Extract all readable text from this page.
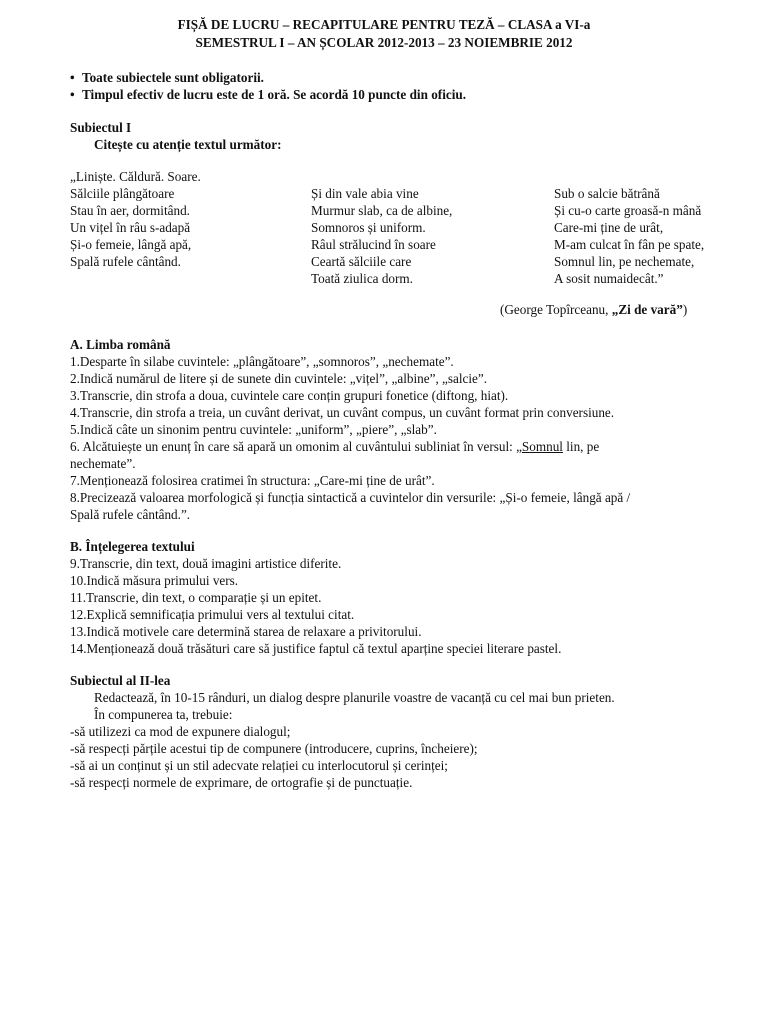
FIȘĂ DE LUCRU – RECAPITULARE PENTRU TEZĂ – CLASA a VI-a
SEMESTRUL I – AN ȘCOLAR 2012-2013 – 23 NOIEMBRIE 2012
• Toate subiectele sunt obligatorii.
• Timpul efectiv de lucru este de 1 oră. Se acordă 10 puncte din oficiu.
Subiectul I
Citește cu atenție textul următor:
„Liniște. Căldură. Soare.
Sălciile plângătoare
Stau în aer, dormitând.
Un vițel în râu s-adapă
Și-o femeie, lângă apă,
Spală rufele cântând.
Și din vale abia vine
Murmur slab, ca de albine,
Somnoros și uniform.
Râul strălucind în soare
Ceartă sălciile care
Toată ziulica dorm.
Sub o salcie bătrână
Și cu-o carte groasă-n mână
Care-mi ține de urât,
M-am culcat în fân pe spate,
Somnul lin, pe nechemate,
A sosit numaidecât.”
(George Topîrceanu, „Zi de vară”)
A. Limba română
1.Desparte în silabe cuvintele: „plângătoare”, „somnoros”, „nechemate”.
2.Indică numărul de litere și de sunete din cuvintele: „vițel”, „albine”, „salcie”.
3.Transcrie, din strofa a doua, cuvintele care conțin grupuri fonetice (diftong, hiat).
4.Transcrie, din strofa a treia, un cuvânt derivat, un cuvânt compus, un cuvânt format prin conversiune.
5.Indică câte un sinonim pentru cuvintele: „uniform”, „piere”, „slab”.
6. Alcătuiește un enunț în care să apară un omonim al cuvântului subliniat în versul: „Somnul lin, pe
nechemate”.
7.Menționează folosirea cratimei în structura: „Care-mi ține de urât”.
8.Precizează valoarea morfologică și funcția sintactică a cuvintelor din versurile: „Și-o femeie, lângă apă /
Spală rufele cântând.”.
B. Înțelegerea textului
9.Transcrie, din text, două imagini artistice diferite.
10.Indică măsura primului vers.
11.Transcrie, din text, o comparație și un epitet.
12.Explică semnificația primului vers al textului citat.
13.Indică motivele care determină starea de relaxare a privitorului.
14.Menționează două trăsături care să justifice faptul că textul aparține speciei literare pastel.
Subiectul al II-lea
Redactează, în 10-15 rânduri, un dialog despre planurile voastre de vacanță cu cel mai bun prieten.
În compunerea ta, trebuie:
-să utilizezi ca mod de expunere dialogul;
-să respecți părțile acestui tip de compunere (introducere, cuprins, încheiere);
-să ai un conținut și un stil adecvate relației cu interlocutorul și cerinței;
-să respecți normele de exprimare, de ortografie și de punctuație.
